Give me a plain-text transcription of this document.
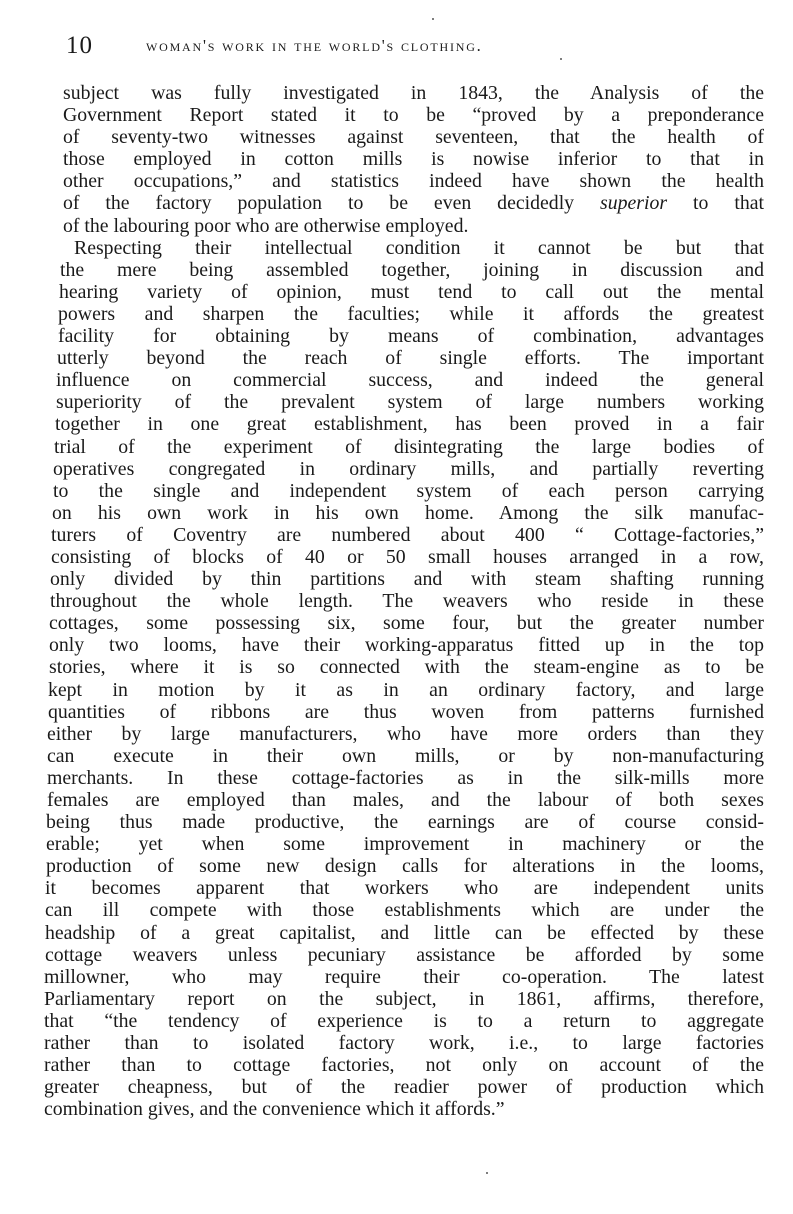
10	woman's work in the world's clothing.
subject was fully investigated in 1843, the Analysis of the
Government Report stated it to be “proved by a preponderance
of seventy-two witnesses against seventeen, that the health of
those employed in cotton mills is nowise inferior to that in
other occupations,” and statistics indeed have shown the health
of the factory population to be even decidedly superior to that
of the labouring poor who are otherwise employed.
Respecting their intellectual condition it cannot be but that
the mere being assembled together, joining in discussion and
hearing variety of opinion, must tend to call out the mental
powers and sharpen the faculties; while it affords the greatest
facility for obtaining by means of combination, advantages
utterly beyond the reach of single efforts. The important
influence on commercial success, and indeed the general
superiority of the prevalent system of large numbers working
together in one great establishment, has been proved in a fair
trial of the experiment of disintegrating the large bodies of
operatives congregated in ordinary mills, and partially reverting
to the single and independent system of each person carrying
on his own work in his own home. Among the silk manufac-
turers of Coventry are numbered about 400 “ Cottage-factories,”
consisting of blocks of 40 or 50 small houses arranged in a row,
only divided by thin partitions and with steam shafting running
throughout the whole length. The weavers who reside in these
cottages, some possessing six, some four, but the greater number
only two looms, have their working-apparatus fitted up in the top
stories, where it is so connected with the steam-engine as to be
kept in motion by it as in an ordinary factory, and large
quantities of ribbons are thus woven from patterns furnished
either by large manufacturers, who have more orders than they
can execute in their own mills, or by non-manufacturing
merchants. In these cottage-factories as in the silk-mills more
females are employed than males, and the labour of both sexes
being thus made productive, the earnings are of course consid-
erable; yet when some improvement in machinery or the
production of some new design calls for alterations in the looms,
it becomes apparent that workers who are independent units
can ill compete with those establishments which are under the
headship of a great capitalist, and little can be effected by these
cottage weavers unless pecuniary assistance be afforded by some
millowner, who may require their co-operation. The latest
Parliamentary report on the subject, in 1861, affirms, therefore,
that “the tendency of experience is to a return to aggregate
rather than to isolated factory work, i.e., to large factories
rather than to cottage factories, not only on account of the
greater cheapness, but of the readier power of production which
combination gives, and the convenience which it affords.”
